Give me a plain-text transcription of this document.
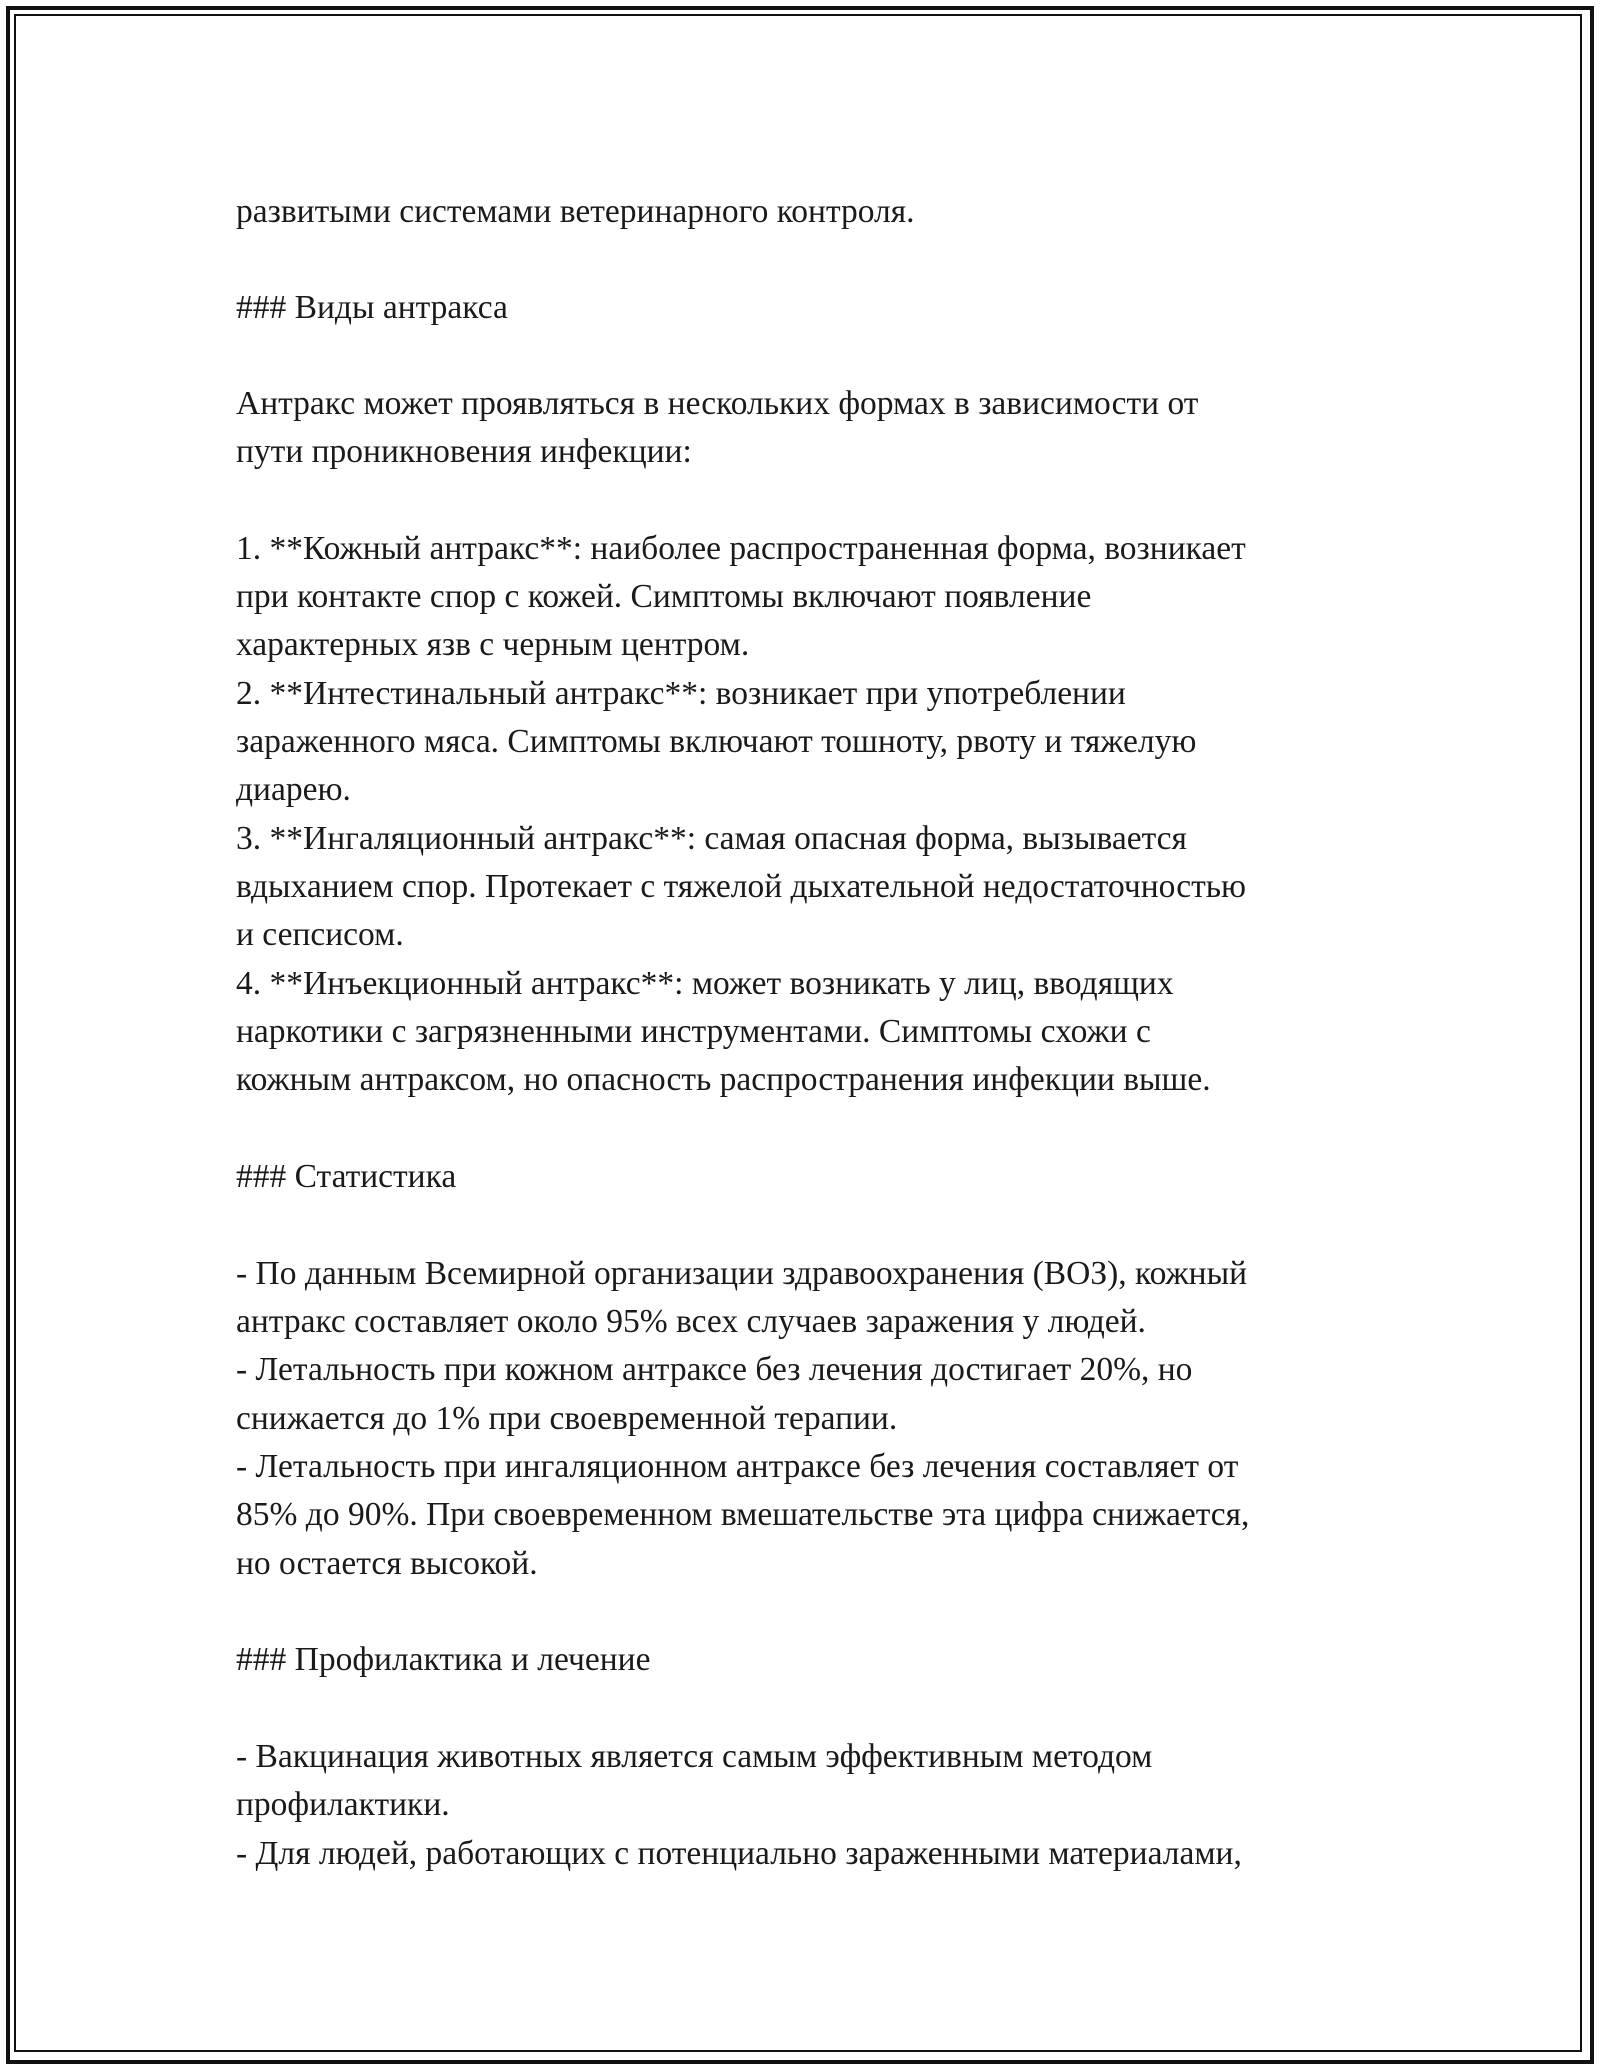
развитыми системами ветеринарного контроля.
### Виды антракса
Антракс может проявляться в нескольких формах в зависимости от
пути проникновения инфекции:
1. **Кожный антракс**: наиболее распространенная форма, возникает
при контакте спор с кожей. Симптомы включают появление
характерных язв с черным центром.
2. **Интестинальный антракс**: возникает при употреблении
зараженного мяса. Симптомы включают тошноту, рвоту и тяжелую
диарею.
3. **Ингаляционный антракс**: самая опасная форма, вызывается
вдыханием спор. Протекает с тяжелой дыхательной недостаточностью
и сепсисом.
4. **Инъекционный антракс**: может возникать у лиц, вводящих
наркотики с загрязненными инструментами. Симптомы схожи с
кожным антраксом, но опасность распространения инфекции выше.
### Статистика
- По данным Всемирной организации здравоохранения (ВОЗ), кожный
антракс составляет около 95% всех случаев заражения у людей.
- Летальность при кожном антраксе без лечения достигает 20%, но
снижается до 1% при своевременной терапии.
- Летальность при ингаляционном антраксе без лечения составляет от
85% до 90%. При своевременном вмешательстве эта цифра снижается,
но остается высокой.
### Профилактика и лечение
- Вакцинация животных является самым эффективным методом
профилактики.
- Для людей, работающих с потенциально зараженными материалами,
